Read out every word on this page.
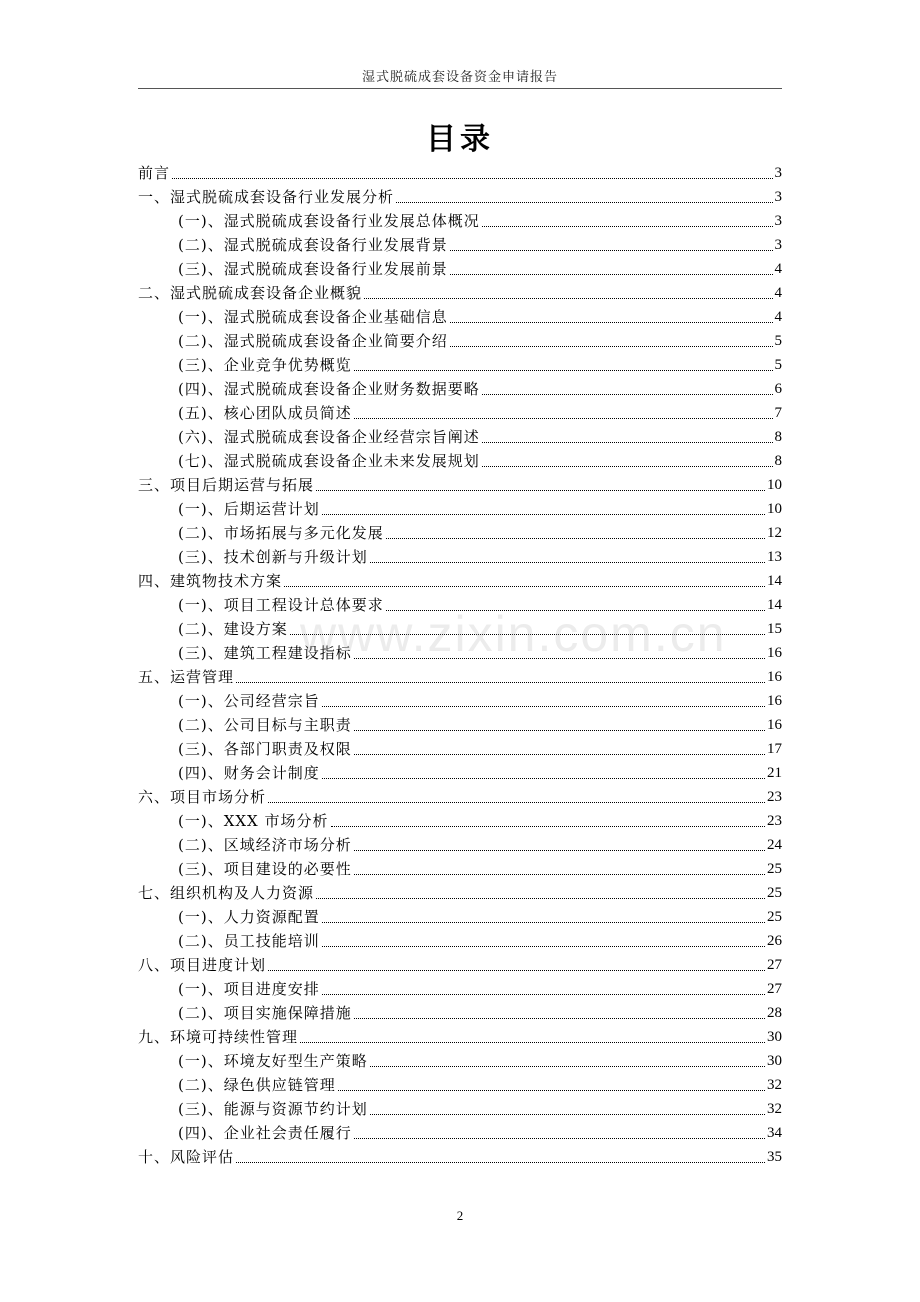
湿式脱硫成套设备资金申请报告
目录
前言	3
一、湿式脱硫成套设备行业发展分析	3
(一)、湿式脱硫成套设备行业发展总体概况	3
(二)、湿式脱硫成套设备行业发展背景	3
(三)、湿式脱硫成套设备行业发展前景	4
二、湿式脱硫成套设备企业概貌	4
(一)、湿式脱硫成套设备企业基础信息	4
(二)、湿式脱硫成套设备企业简要介绍	5
(三)、企业竞争优势概览	5
(四)、湿式脱硫成套设备企业财务数据要略	6
(五)、核心团队成员简述	7
(六)、湿式脱硫成套设备企业经营宗旨阐述	8
(七)、湿式脱硫成套设备企业未来发展规划	8
三、项目后期运营与拓展	10
(一)、后期运营计划	10
(二)、市场拓展与多元化发展	12
(三)、技术创新与升级计划	13
四、建筑物技术方案	14
(一)、项目工程设计总体要求	14
(二)、建设方案	15
(三)、建筑工程建设指标	16
五、运营管理	16
(一)、公司经营宗旨	16
(二)、公司目标与主职责	16
(三)、各部门职责及权限	17
(四)、财务会计制度	21
六、项目市场分析	23
(一)、XXX 市场分析	23
(二)、区域经济市场分析	24
(三)、项目建设的必要性	25
七、组织机构及人力资源	25
(一)、人力资源配置	25
(二)、员工技能培训	26
八、项目进度计划	27
(一)、项目进度安排	27
(二)、项目实施保障措施	28
九、环境可持续性管理	30
(一)、环境友好型生产策略	30
(二)、绿色供应链管理	32
(三)、能源与资源节约计划	32
(四)、企业社会责任履行	34
十、风险评估	35
www.zixin.com.cn
2
